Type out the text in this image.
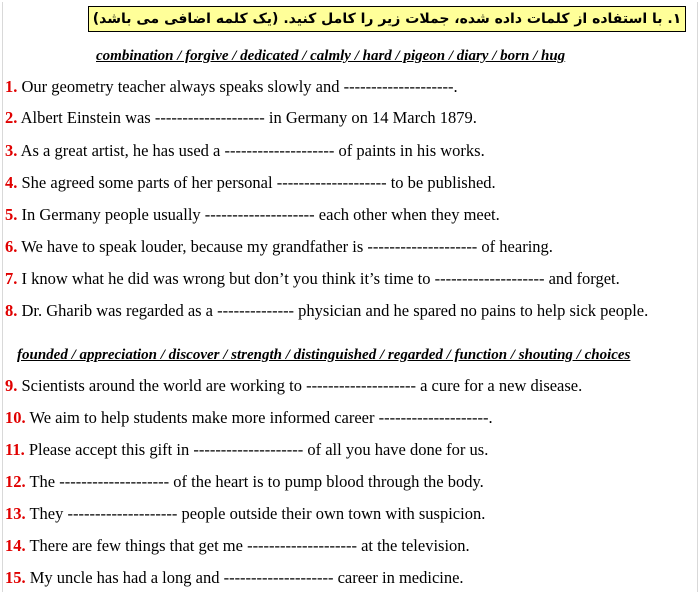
۱. با استفاده از کلمات داده شده، جملات زیر را کامل کنید. (یک کلمه اضافی می باشد)
combination / forgive / dedicated / calmly / hard / pigeon / diary / born / hug
1. Our geometry teacher always speaks slowly and --------------------.
2. Albert Einstein was -------------------- in Germany on 14 March 1879.
3. As a great artist, he has used a -------------------- of paints in his works.
4. She agreed some parts of her personal -------------------- to be published.
5. In Germany people usually -------------------- each other when they meet.
6. We have to speak louder, because my grandfather is -------------------- of hearing.
7. I know what he did was wrong but don’t you think it’s time to -------------------- and forget.
8. Dr. Gharib was regarded as a -------------- physician and he spared no pains to help sick people.
founded / appreciation / discover / strength / distinguished / regarded / function / shouting / choices
9. Scientists around the world are working to -------------------- a cure for a new disease.
10. We aim to help students make more informed career --------------------.
11. Please accept this gift in -------------------- of all you have done for us.
12. The -------------------- of the heart is to pump blood through the body.
13. They -------------------- people outside their own town with suspicion.
14. There are few things that get me -------------------- at the television.
15. My uncle has had a long and -------------------- career in medicine.
